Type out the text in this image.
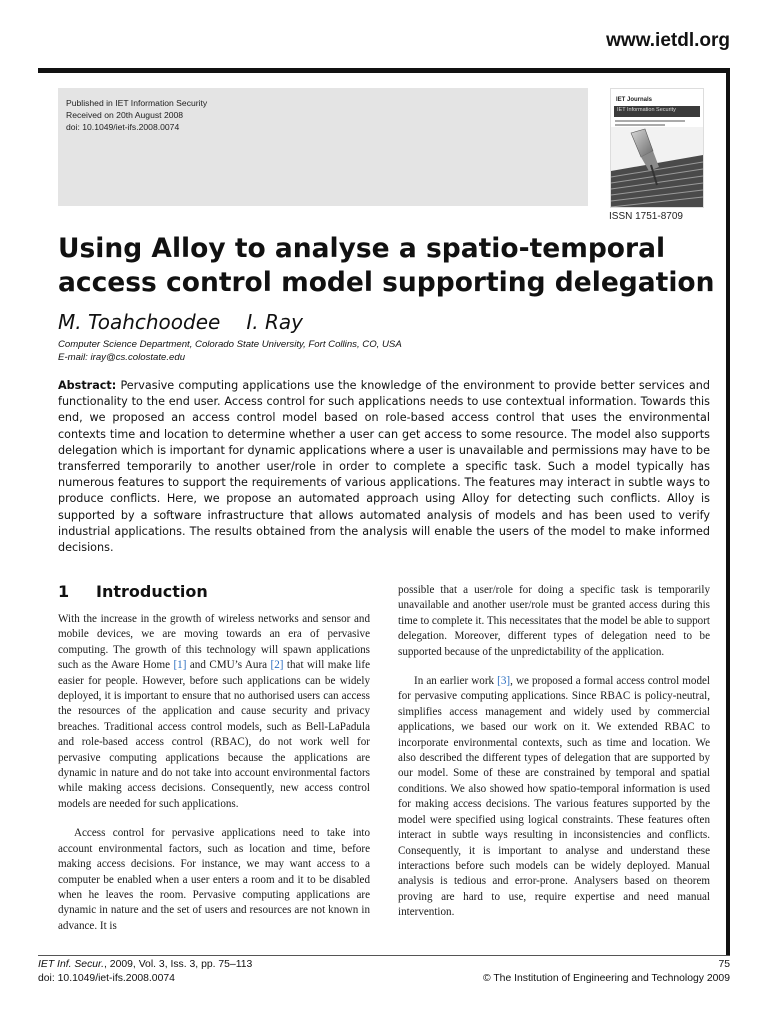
www.ietdl.org
Published in IET Information Security
Received on 20th August 2008
doi: 10.1049/iet-ifs.2008.0074
IET Journals
IET Information Security
ISSN 1751-8709
Using Alloy to analyse a spatio-temporal access control model supporting delegation
M. Toahchoodee I. Ray
Computer Science Department, Colorado State University, Fort Collins, CO, USA
E-mail: iray@cs.colostate.edu

Abstract: Pervasive computing applications use the knowledge of the environment to provide better services and functionality to the end user. Access control for such applications needs to use contextual information. Towards this end, we proposed an access control model based on role-based access control that uses the environmental contexts time and location to determine whether a user can get access to some resource. The model also supports delegation which is important for dynamic applications where a user is unavailable and permissions may have to be transferred temporarily to another user/role in order to complete a specific task. Such a model typically has numerous features to support the requirements of various applications. The features may interact in subtle ways to produce conflicts. Here, we propose an automated approach using Alloy for detecting such conflicts. Alloy is supported by a software infrastructure that allows automated analysis of models and has been used to verify industrial applications. The results obtained from the analysis will enable the users of the model to make informed decisions.

1 Introduction

With the increase in the growth of wireless networks and sensor and mobile devices, we are moving towards an era of pervasive computing. The growth of this technology will spawn applications such as the Aware Home [1] and CMU’s Aura [2] that will make life easier for people. However, before such applications can be widely deployed, it is important to ensure that no authorised users can access the resources of the application and cause security and privacy breaches. Traditional access control models, such as Bell-LaPadula and role-based access control (RBAC), do not work well for pervasive computing applications because the applications are dynamic in nature and do not take into account environmental factors while making access decisions. Consequently, new access control models are needed for such applications.

Access control for pervasive applications need to take into account environmental factors, such as location and time, before making access decisions. For instance, we may want access to a computer be enabled when a user enters a room and it to be disabled when he leaves the room. Pervasive computing applications are dynamic in nature and the set of users and resources are not known in advance. It is

possible that a user/role for doing a specific task is temporarily unavailable and another user/role must be granted access during this time to complete it. This necessitates that the model be able to support delegation. Moreover, different types of delegation need to be supported because of the unpredictability of the application.

In an earlier work [3], we proposed a formal access control model for pervasive computing applications. Since RBAC is policy-neutral, simplifies access management and widely used by commercial applications, we based our work on it. We extended RBAC to incorporate environmental contexts, such as time and location. We also described the different types of delegation that are supported by our model. Some of these are constrained by temporal and spatial conditions. We also showed how spatio-temporal information is used for making access decisions. The various features supported by the model were specified using logical constraints. These features often interact in subtle ways resulting in inconsistencies and conflicts. Consequently, it is important to analyse and understand these interactions before such models can be widely deployed. Manual analysis is tedious and error-prone. Analysers based on theorem proving are hard to use, require expertise and need manual intervention.

IET Inf. Secur., 2009, Vol. 3, Iss. 3, pp. 75–113
doi: 10.1049/iet-ifs.2008.0074
75
© The Institution of Engineering and Technology 2009
